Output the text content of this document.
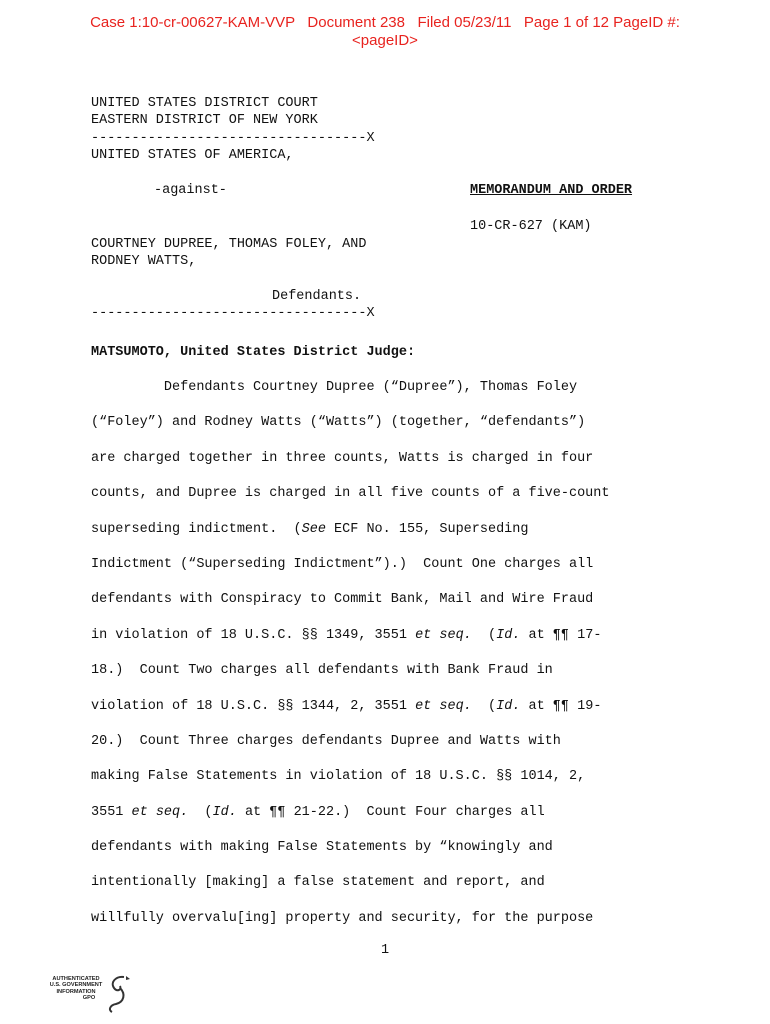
Case 1:10-cr-00627-KAM-VVP   Document 238   Filed 05/23/11   Page 1 of 12 PageID #:
<pageID>
UNITED STATES DISTRICT COURT
EASTERN DISTRICT OF NEW YORK
----------------------------------X
UNITED STATES OF AMERICA,
-against-	MEMORANDUM AND ORDER
10-CR-627 (KAM)
COURTNEY DUPREE, THOMAS FOLEY, AND
RODNEY WATTS,
Defendants.
----------------------------------X
MATSUMOTO, United States District Judge:
Defendants Courtney Dupree (“Dupree”), Thomas Foley
(“Foley”) and Rodney Watts (“Watts”) (together, “defendants”)
are charged together in three counts, Watts is charged in four
counts, and Dupree is charged in all five counts of a five-count
superseding indictment.  (See ECF No. 155, Superseding
Indictment (“Superseding Indictment”).)  Count One charges all
defendants with Conspiracy to Commit Bank, Mail and Wire Fraud
in violation of 18 U.S.C. §§ 1349, 3551 et seq.  (Id. at ¶¶ 17-
18.)  Count Two charges all defendants with Bank Fraud in
violation of 18 U.S.C. §§ 1344, 2, 3551 et seq.  (Id. at ¶¶ 19-
20.)  Count Three charges defendants Dupree and Watts with
making False Statements in violation of 18 U.S.C. §§ 1014, 2,
3551 et seq.  (Id. at ¶¶ 21-22.)  Count Four charges all
defendants with making False Statements by “knowingly and
intentionally [making] a false statement and report, and
willfully overvalu[ing] property and security, for the purpose
1
AUTHENTICATED
U.S. GOVERNMENT
INFORMATION
GPO
